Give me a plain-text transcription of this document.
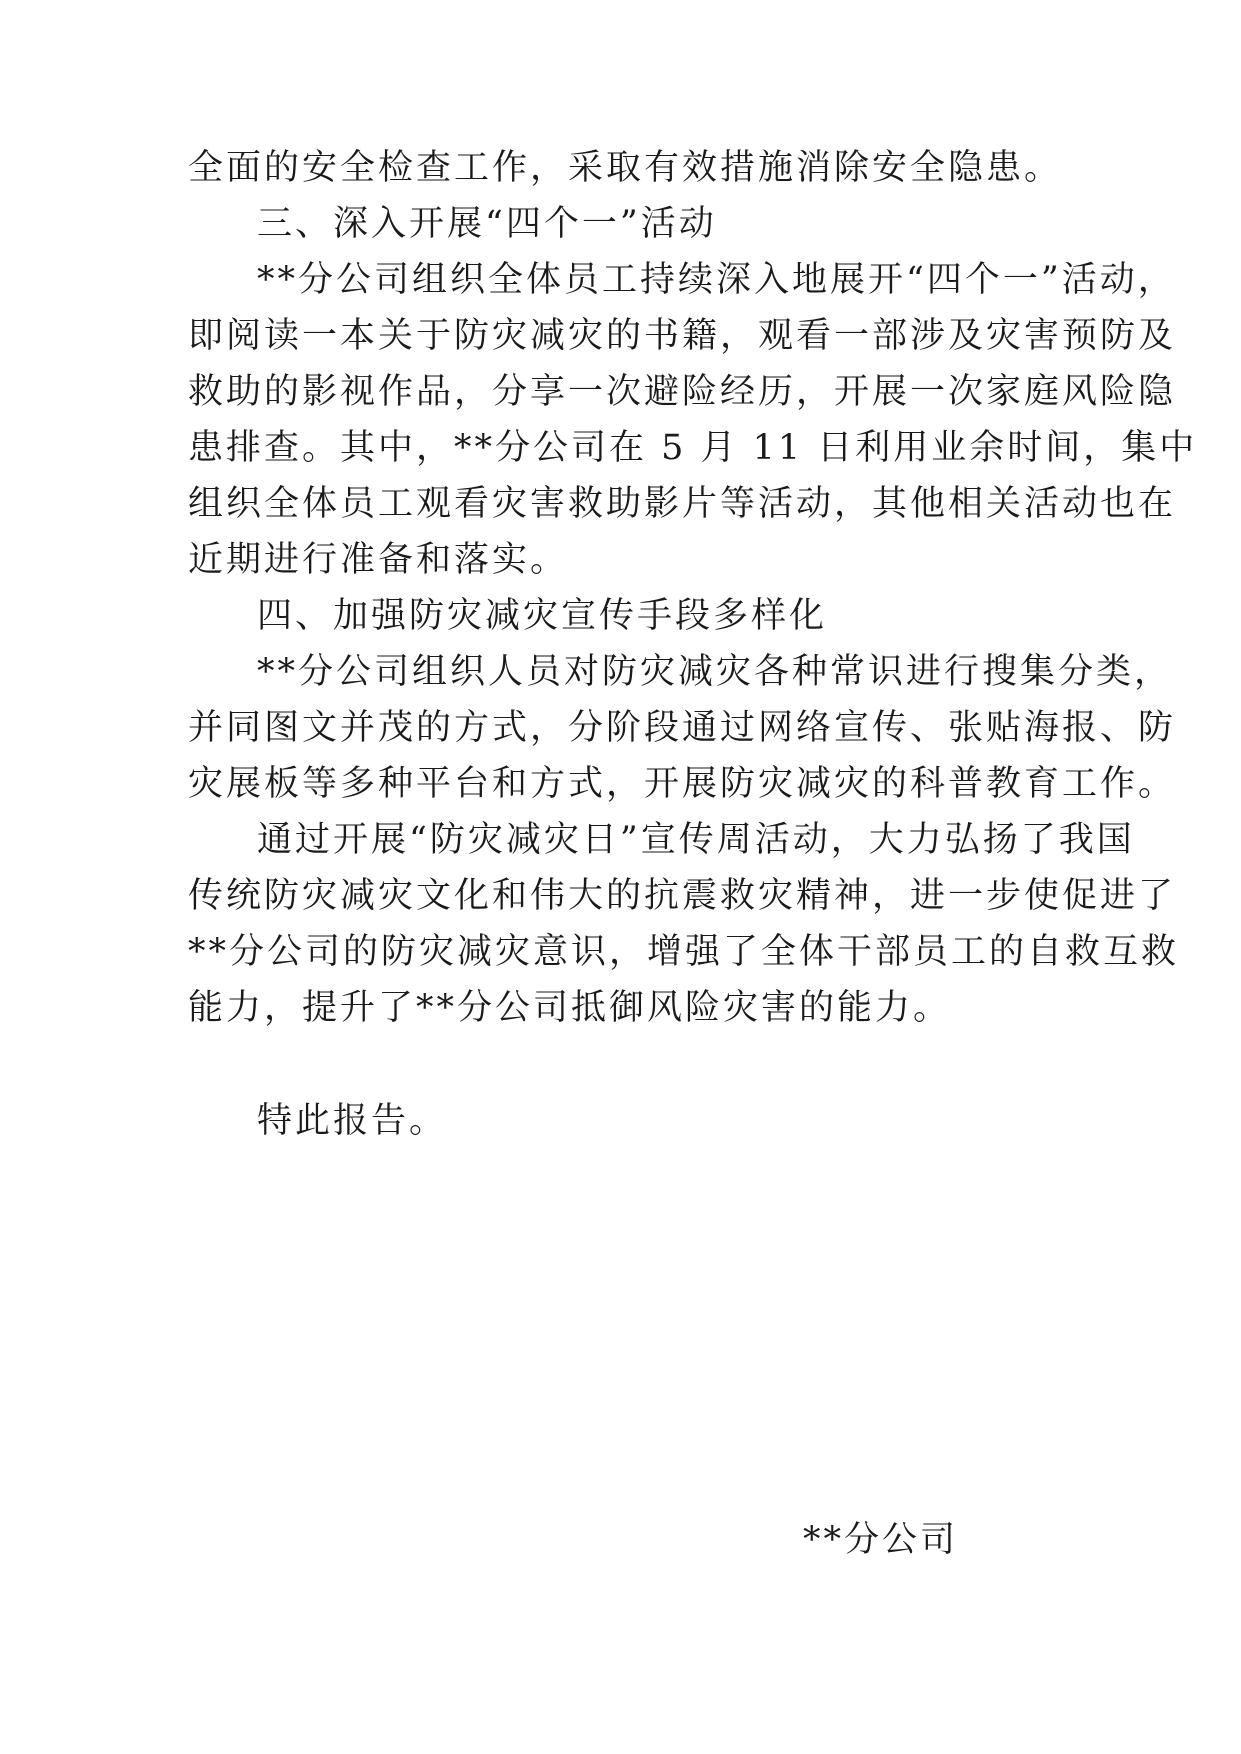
全面的安全检查工作，采取有效措施消除安全隐患。
三、深入开展“四个一”活动
**分公司组织全体员工持续深入地展开“四个一”活动，
即阅读一本关于防灾减灾的书籍，观看一部涉及灾害预防及
救助的影视作品，分享一次避险经历，开展一次家庭风险隐
患排查。其中，**分公司在 5 月 11 日利用业余时间，集中
组织全体员工观看灾害救助影片等活动，其他相关活动也在
近期进行准备和落实。
四、加强防灾减灾宣传手段多样化
**分公司组织人员对防灾减灾各种常识进行搜集分类，
并同图文并茂的方式，分阶段通过网络宣传、张贴海报、防
灾展板等多种平台和方式，开展防灾减灾的科普教育工作。
通过开展“防灾减灾日”宣传周活动，大力弘扬了我国
传统防灾减灾文化和伟大的抗震救灾精神，进一步使促进了
**分公司的防灾减灾意识，增强了全体干部员工的自救互救
能力，提升了**分公司抵御风险灾害的能力。
特此报告。
**分公司
